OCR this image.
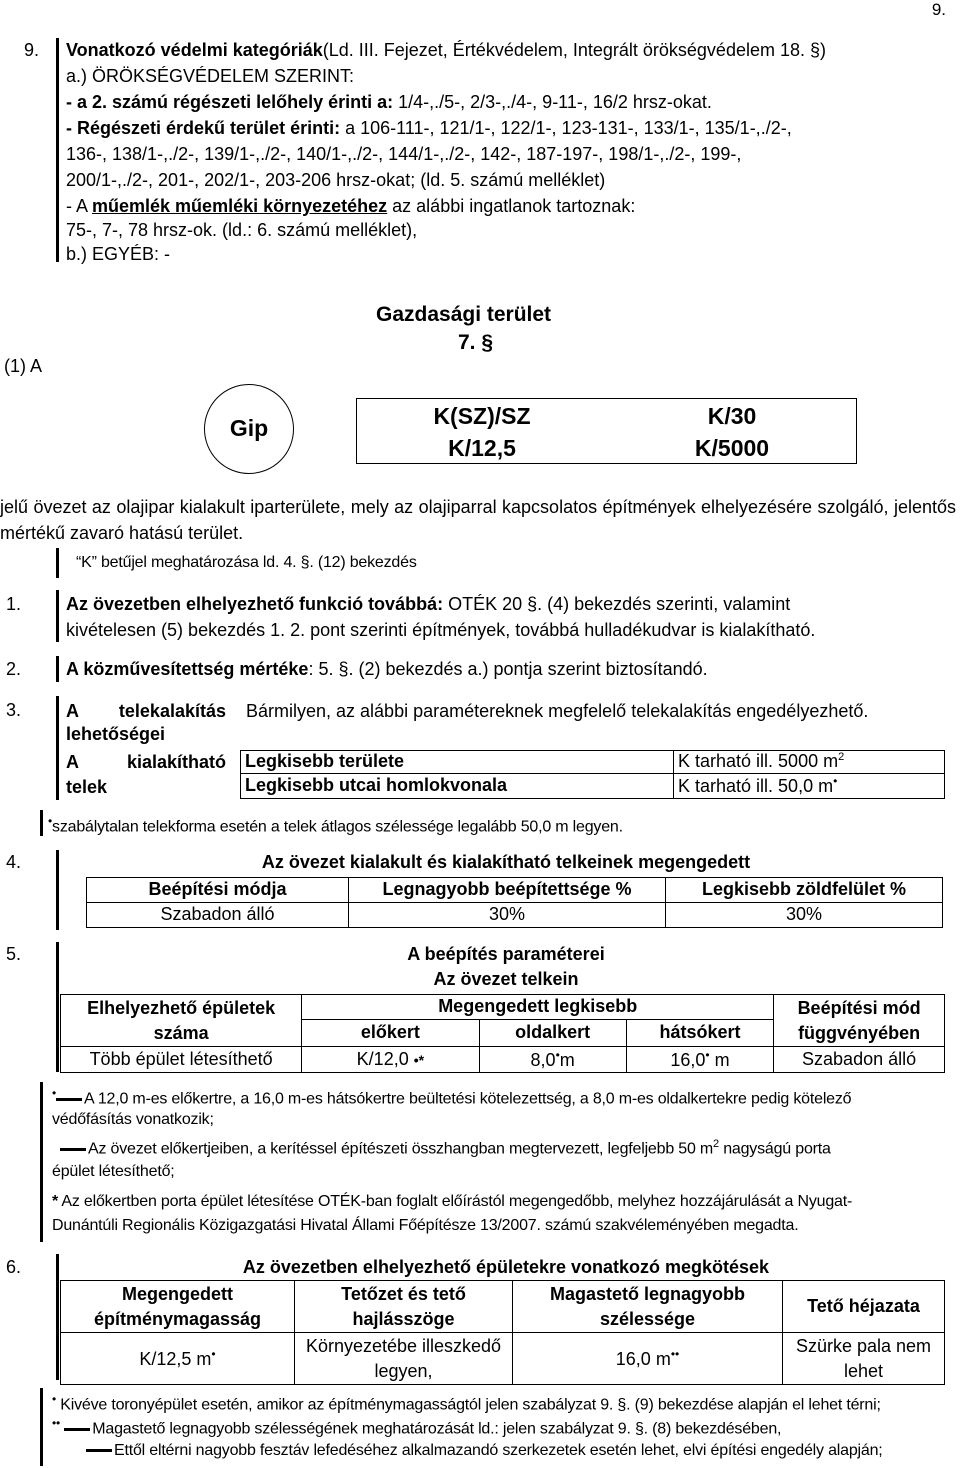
9.
9. Vonatkozó védelmi kategóriák(Ld. III. Fejezet, Értékvédelem, Integrált örökségvédelem 18. §)
a.) ÖRÖKSÉGVÉDELEM SZERINT:
- a 2. számú régészeti lelőhely érinti a: 1/4-,./5-, 2/3-,./4-, 9-11-, 16/2 hrsz-okat.
- Régészeti érdekű terület érinti: a 106-111-, 121/1-, 122/1-, 123-131-, 133/1-, 135/1-,./2-,
136-, 138/1-,./2-, 139/1-,./2-, 140/1-,./2-, 144/1-,./2-, 142-, 187-197-, 198/1-,./2-, 199-,
200/1-,./2-, 201-, 202/1-, 203-206 hrsz-okat; (ld. 5. számú melléklet)
- A műemlék műemléki környezetéhez az alábbi ingatlanok tartoznak:
75-, 7-, 78 hrsz-ok. (ld.: 6. számú melléklet),
b.) EGYÉB: -
Gazdasági terület
7. §
(1) A
Gip	K(SZ)/SZ	K/30
K/12,5	K/5000
jelű övezet az olajipar kialakult iparterülete, mely az olajiparral kapcsolatos építmények elhelyezésére szolgáló, jelentős mértékű zavaró hatású terület.
“K” betűjel meghatározása ld. 4. §. (12) bekezdés
1. Az övezetben elhelyezhető funkció továbbá: OTÉK 20 §. (4) bekezdés szerinti, valamint
kivételesen (5) bekezdés 1. 2. pont szerinti építmények, továbbá hulladékudvar is kialakítható.
2. A közművesítettség mértéke: 5. §. (2) bekezdés a.) pontja szerint biztosítandó.
3. A telekalakítás lehetőségei
Bármilyen, az alábbi paramétereknek megfelelő telekalakítás engedélyezhető.
A kialakítható telek
Legkisebb területe	K tarható ill. 5000 $m^2$
Legkisebb utcai homlokvonala	K tarható ill. 50,0 m•
•szabálytalan telekforma esetén a telek átlagos szélessége legalább 50,0 m legyen.
4.	Az övezet kialakult és kialakítható telkeinek megengedett
Beépítési módja	Legnagyobb beépítettsége %	Legkisebb zöldfelület %
Szabadon álló	30%	30%
5.	A beépítés paraméterei
Az övezet telkein
Elhelyezhető épületek száma	Megengedett legkisebb			Beépítési mód függvényében
	előkert	oldalkert	hátsókert	
Több épület létesíthető	K/12,0 •*	8,0•m	16,0• m	Szabadon álló
• A 12,0 m-es előkertre, a 16,0 m-es hátsókertre beültetési kötelezettség, a 8,0 m-es oldalkertekre pedig kötelező
védőfásítás vonatkozik;
Az övezet előkertjeiben, a kerítéssel építészeti összhangban megtervezett, legfeljebb 50 $m^2$ nagyságú porta
épület létesíthető;
* Az előkertben porta épület létesítése OTÉK-ban foglalt előírástól megengedőbb, melyhez hozzájárulását a Nyugat-
Dunántúli Regionális Közigazgatási Hivatal Állami Főépítésze 13/2007. számú szakvéleményében megadta.
6.	Az övezetben elhelyezhető épületekre vonatkozó megkötések
Megengedett építménymagasság	Tetőzet és tető hajlásszöge	Magastető legnagyobb szélessége	Tető héjazata
K/12,5 m•	Környezetébe illeszkedő legyen,	16,0 m••	Szürke pala nem lehet
• Kivéve toronyépület esetén, amikor az építménymagasságtól jelen szabályzat 9. §. (9) bekezdése alapján el lehet térni;
•• Magastető legnagyobb szélességének meghatározását ld.: jelen szabályzat 9. §. (8) bekezdésében,
Ettől eltérni nagyobb fesztáv lefedéséhez alkalmazandó szerkezetek esetén lehet, elvi építési engedély alapján;
